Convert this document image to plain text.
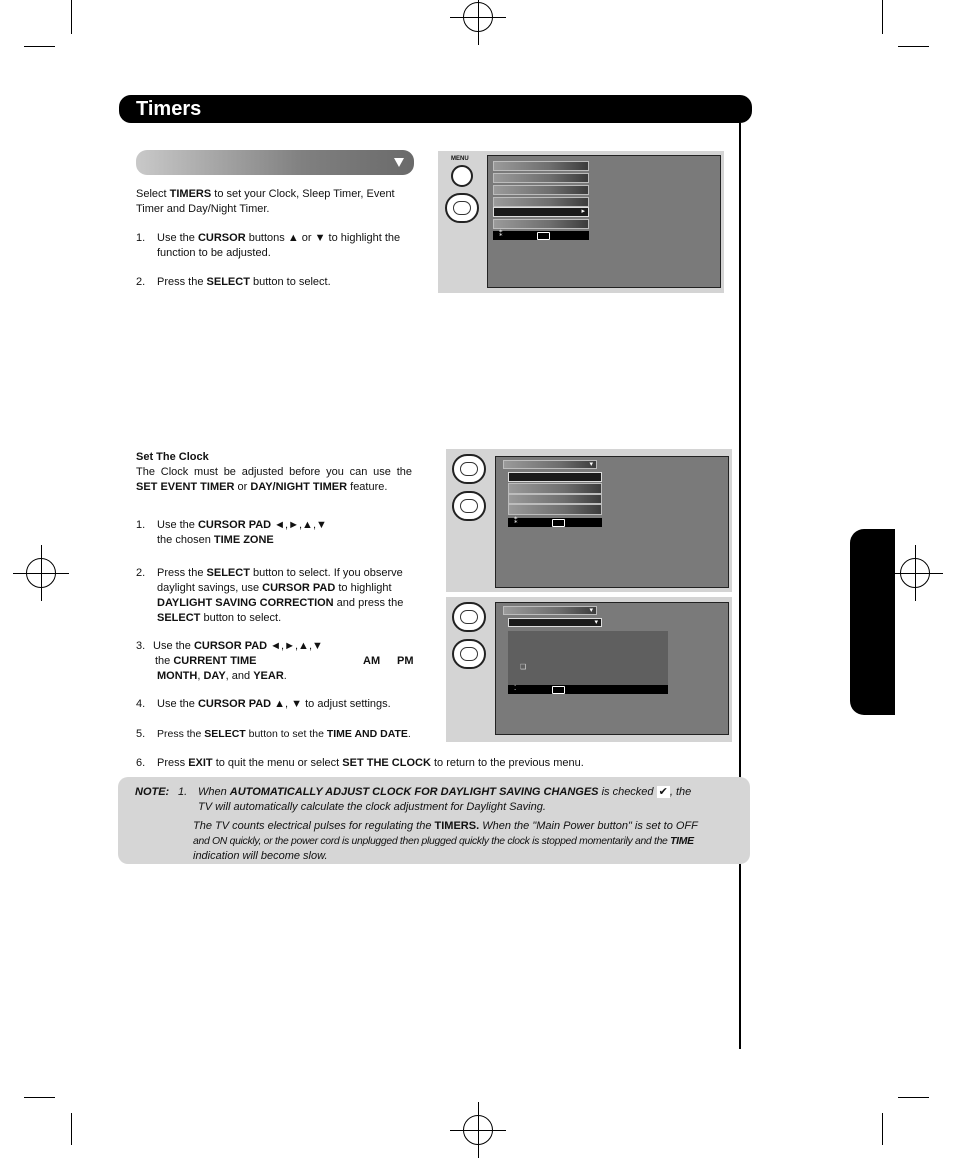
Timers
Select TIMERS to set your Clock, Sleep Timer, Event
Timer and Day/Night Timer.
1. Use the CURSOR buttons ▲ or ▼ to highlight the
function to be adjusted.
2. Press the SELECT button to select.
MENU
▸
⁑
Set The Clock
The Clock must be adjusted before you can use the
SET EVENT TIMER or DAY/NIGHT TIMER feature.
1. Use the CURSOR PAD ◄,►,▲,▼
the chosen TIME ZONE
2. Press the SELECT button to select. If you observe
daylight savings, use CURSOR PAD to highlight
DAYLIGHT SAVING CORRECTION and press the
SELECT button to select.
3. Use the CURSOR PAD ◄,►,▲,▼
the CURRENT TIME	AM PM

MONTH, DAY, and YEAR.
4. Use the CURSOR PAD ▲, ▼ to adjust settings.
5. Press the SELECT button to set the TIME AND DATE.
6. Press EXIT to quit the menu or select SET THE CLOCK to return to the previous menu.
▾
⁑
▾
▾
❑
⁚
NOTE: 1. When AUTOMATICALLY ADJUST CLOCK FOR DAYLIGHT SAVING CHANGES is checked ✔ , the
TV will automatically calculate the clock adjustment for Daylight Saving.
The TV counts electrical pulses for regulating the TIMERS. When the "Main Power button" is set to OFF
and ON quickly, or the power cord is unplugged then plugged quickly the clock is stopped momentarily and the TIME
indication will become slow.
